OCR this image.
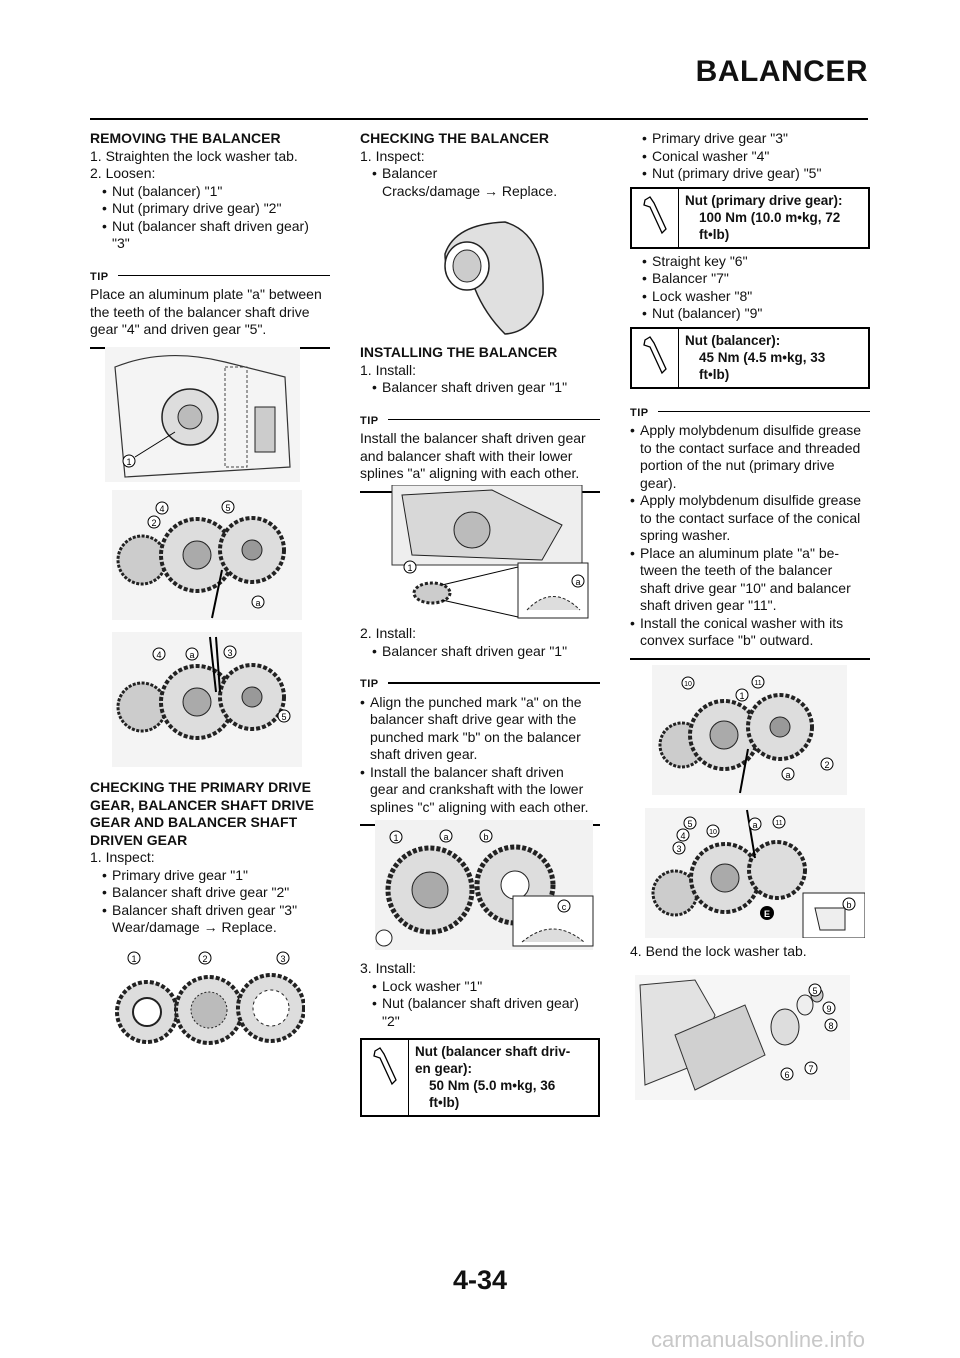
BALANCER
REMOVING THE BALANCER
1. Straighten the lock washer tab.
2. Loosen:
• Nut (balancer) "1"
• Nut (primary drive gear) "2"
• Nut (balancer shaft driven gear)
"3"
TIP
Place an aluminum plate "a" between
the teeth of the balancer shaft drive
gear "4" and driven gear "5".
1
4
2
5
a
4	a	3
5
CHECKING THE PRIMARY DRIVE
GEAR, BALANCER SHAFT DRIVE
GEAR AND BALANCER SHAFT
DRIVEN GEAR
1. Inspect:
• Primary drive gear "1"
• Balancer shaft drive gear "2"
• Balancer shaft driven gear "3"
Wear/damage → Replace.
1	2	3
CHECKING THE BALANCER
1. Inspect:
• Balancer
Cracks/damage → Replace.
INSTALLING THE BALANCER
1. Install:
• Balancer shaft driven gear "1"
TIP
Install the balancer shaft driven gear
and balancer shaft with their lower
splines "a" aligning with each other.
1
a
2. Install:
• Balancer shaft driven gear "1"
TIP
• Align the punched mark "a" on the
balancer shaft drive gear with the
punched mark "b" on the balancer
shaft driven gear.
• Install the balancer shaft driven
gear and crankshaft with the lower
splines "c" aligning with each other.
1	a	b
c
3. Install:
• Lock washer "1"
• Nut (balancer shaft driven gear)
"2"
Nut (balancer shaft driv-
en gear):
50 Nm (5.0 m•kg, 36
ft•lb)
• Primary drive gear "3"
• Conical washer "4"
• Nut (primary drive gear) "5"
Nut (primary drive gear):
100 Nm (10.0 m•kg, 72
ft•lb)
• Straight key "6"
• Balancer "7"
• Lock washer "8"
• Nut (balancer) "9"
Nut (balancer):
45 Nm (4.5 m•kg, 33
ft•lb)
TIP
• Apply molybdenum disulfide grease
to the contact surface and threaded
portion of the nut (primary drive
gear).
• Apply molybdenum disulfide grease
to the contact surface of the conical
spring washer.
• Place an aluminum plate "a" be-
tween the teeth of the balancer
shaft drive gear "10" and balancer
shaft driven gear "11".
• Install the conical washer with its
convex surface "b" outward.
10	11
1
a
2
5
4	10
a	11
3
E
b
4. Bend the lock washer tab.
5
9
8
6
7
4-34
carmanualsonline.info
